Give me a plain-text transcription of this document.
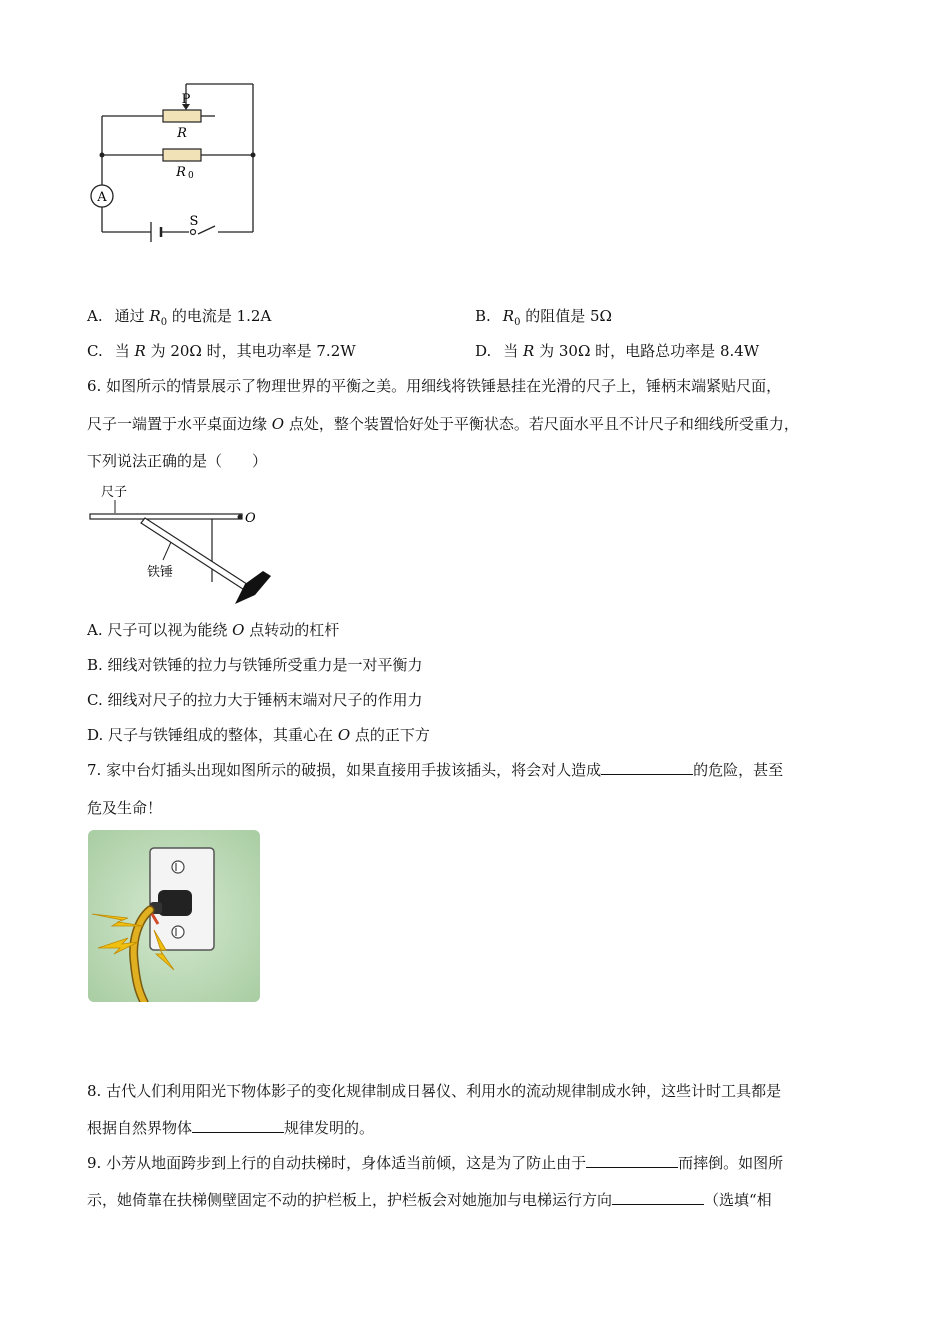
A
P
R
R 0
S
A. 通过 $R_0$ 的电流是 1.2A	B. $R_0$ 的阻值是 5Ω
C. 当 R 为 20Ω 时，其电功率是 7.2W	D. 当 R 为 30Ω 时，电路总功率是 8.4W
6. 如图所示的情景展示了物理世界的平衡之美。用细线将铁锤悬挂在光滑的尺子上，锤柄末端紧贴尺面，
尺子一端置于水平桌面边缘 O 点处，整个装置恰好处于平衡状态。若尺面水平且不计尺子和细线所受重力，
下列说法正确的是（　　）
尺子
O
铁锤
A. 尺子可以视为能绕 O 点转动的杠杆
B. 细线对铁锤的拉力与铁锤所受重力是一对平衡力
C. 细线对尺子的拉力大于锤柄末端对尺子的作用力
D. 尺子与铁锤组成的整体，其重心在 O 点的正下方
7. 家中台灯插头出现如图所示的破损，如果直接用手拔该插头，将会对人造成	的危险，甚至
危及生命！
8. 古代人们利用阳光下物体影子的变化规律制成日晷仪、利用水的流动规律制成水钟，这些计时工具都是
根据自然界物体	规律发明的。
9. 小芳从地面跨步到上行的自动扶梯时，身体适当前倾，这是为了防止由于	而摔倒。如图所
示，她倚靠在扶梯侧壁固定不动的护栏板上，护栏板会对她施加与电梯运行方向	（选填“相
